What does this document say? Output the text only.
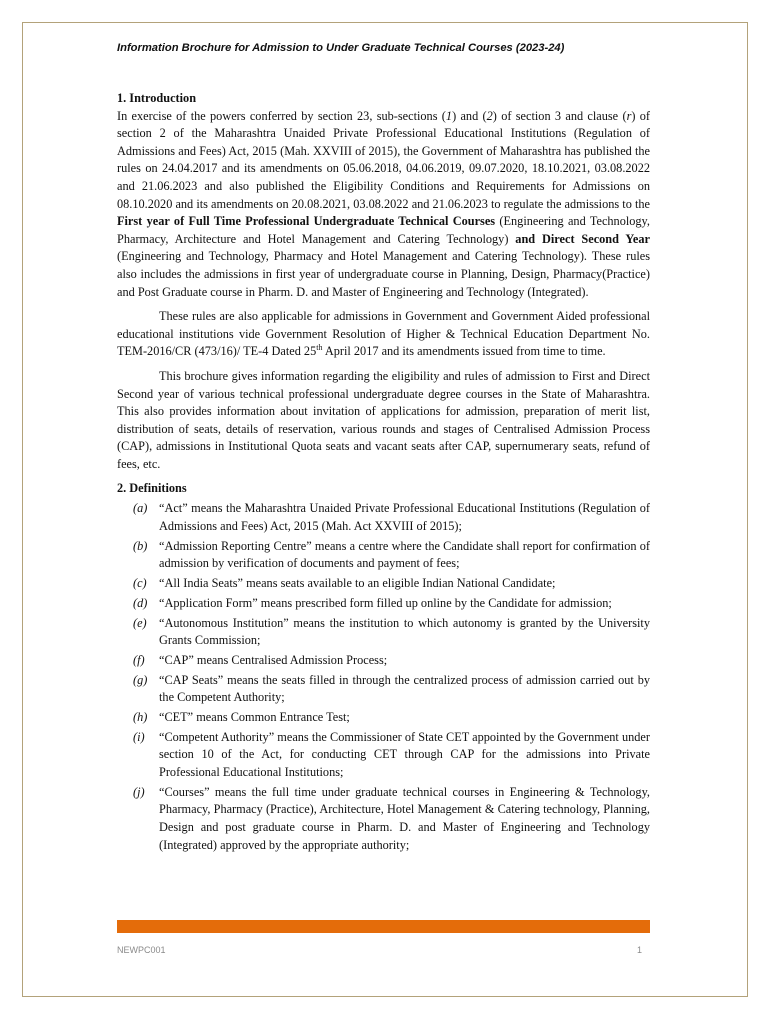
Information Brochure for Admission to Under Graduate Technical Courses (2023-24)

1. Introduction

In exercise of the powers conferred by section 23, sub-sections (1) and (2) of section 3 and clause (r) of section 2 of the Maharashtra Unaided Private Professional Educational Institutions (Regulation of Admissions and Fees) Act, 2015 (Mah. XXVIII of 2015), the Government of Maharashtra has published the rules on 24.04.2017 and its amendments on 05.06.2018, 04.06.2019, 09.07.2020, 18.10.2021, 03.08.2022 and 21.06.2023 and also published the Eligibility Conditions and Requirements for Admissions on 08.10.2020 and its amendments on 20.08.2021, 03.08.2022 and 21.06.2023 to regulate the admissions to the First year of Full Time Professional Undergraduate Technical Courses (Engineering and Technology, Pharmacy, Architecture and Hotel Management and Catering Technology) and Direct Second Year (Engineering and Technology, Pharmacy and Hotel Management and Catering Technology). These rules also includes the admissions in first year of undergraduate course in Planning, Design, Pharmacy(Practice) and Post Graduate course in Pharm. D. and Master of Engineering and Technology (Integrated).

These rules are also applicable for admissions in Government and Government Aided professional educational institutions vide Government Resolution of Higher & Technical Education Department No. TEM-2016/CR (473/16)/ TE-4 Dated 25th April 2017 and its amendments issued from time to time.

This brochure gives information regarding the eligibility and rules of admission to First and Direct Second year of various technical professional undergraduate degree courses in the State of Maharashtra. This also provides information about invitation of applications for admission, preparation of merit list, distribution of seats, details of reservation, various rounds and stages of Centralised Admission Process (CAP), admissions in Institutional Quota seats and vacant seats after CAP, supernumerary seats, refund of fees, etc.

2. Definitions

(a) “Act” means the Maharashtra Unaided Private Professional Educational Institutions (Regulation of Admissions and Fees) Act, 2015 (Mah. Act XXVIII of 2015);
(b) “Admission Reporting Centre” means a centre where the Candidate shall report for confirmation of admission by verification of documents and payment of fees;
(c)	“All India Seats” means seats available to an eligible Indian National Candidate;
(d) “Application Form” means prescribed form filled up online by the Candidate for admission;
(e)	“Autonomous Institution” means the institution to which autonomy is granted by the University Grants Commission;
(f)	“CAP” means Centralised Admission Process;
(g) “CAP Seats” means the seats filled in through the centralized process of admission carried out by the Competent Authority;
(h) “CET” means Common Entrance Test;
(i)	“Competent Authority” means the Commissioner of State CET appointed by the Government under section 10 of the Act, for conducting CET through CAP for the admissions into Private Professional Educational Institutions;
(j)	“Courses” means the full time under graduate technical courses in Engineering & Technology, Pharmacy, Pharmacy (Practice), Architecture, Hotel Management & Catering technology, Planning, Design and post graduate course in Pharm. D. and Master of Engineering and Technology (Integrated) approved by the appropriate authority;
NEWPC001	1
